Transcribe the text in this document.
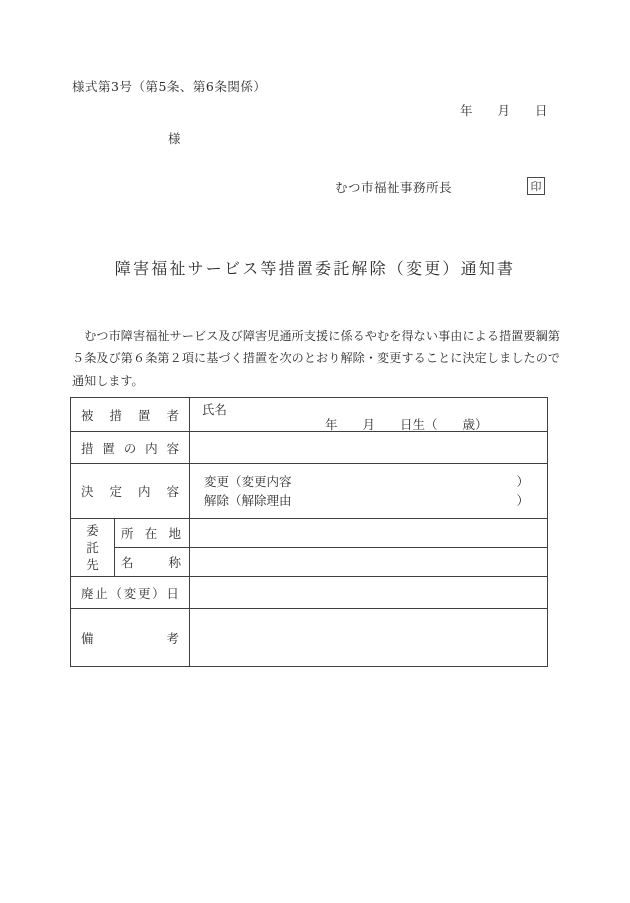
様式第3号（第5条、第6条関係）
年　　月　　日
様
むつ市福祉事務所長	印
障害福祉サービス等措置委託解除（変更）通知書

　むつ市障害福祉サービス及び障害児通所支援に係るやむを得ない事由による措置要綱第５条及び第６条第２項に基づく措置を次のとおり解除・変更することに決定しましたので通知します。

被 措 置 者 氏名
年　　月　　日生（　　歳）
措 置 の 内 容
決 定 内 容
変更（変更内容	）
解除（解除理由	）
委
託
先
所 在 地
名	称
廃 止 （ 変 更 ） 日
備	考
